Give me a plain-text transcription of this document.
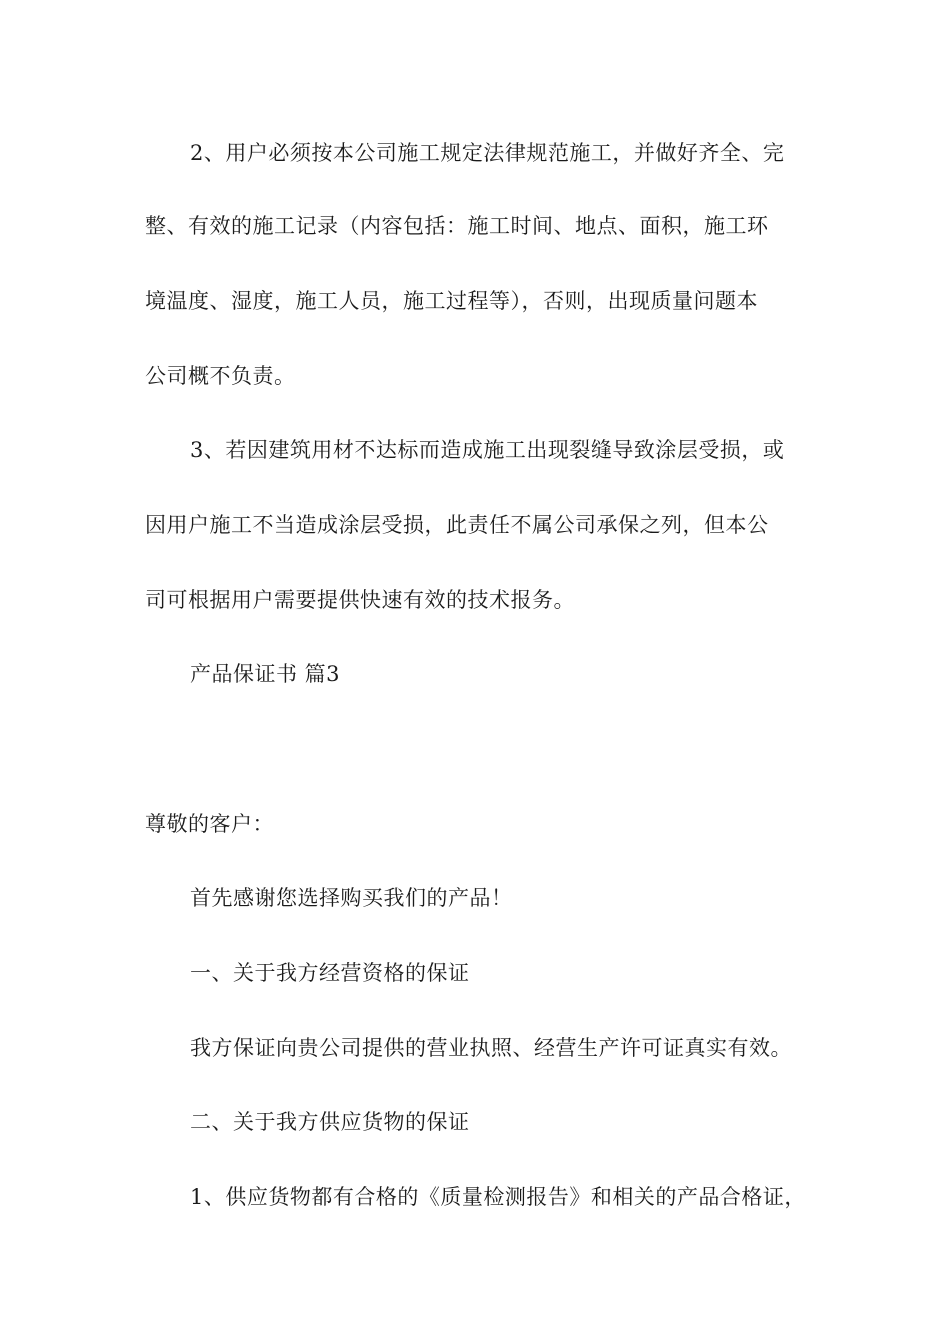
2、用户必须按本公司施工规定法律规范施工，并做好齐全、完
整、有效的施工记录（内容包括：施工时间、地点、面积，施工环
境温度、湿度，施工人员，施工过程等），否则，出现质量问题本
公司概不负责。
3、若因建筑用材不达标而造成施工出现裂缝导致涂层受损，或
因用户施工不当造成涂层受损，此责任不属公司承保之列，但本公
司可根据用户需要提供快速有效的技术报务。
产品保证书 篇3
尊敬的客户：
首先感谢您选择购买我们的产品！
一、关于我方经营资格的保证
我方保证向贵公司提供的营业执照、经营生产许可证真实有效。
二、关于我方供应货物的保证
1、供应货物都有合格的《质量检测报告》和相关的产品合格证，
